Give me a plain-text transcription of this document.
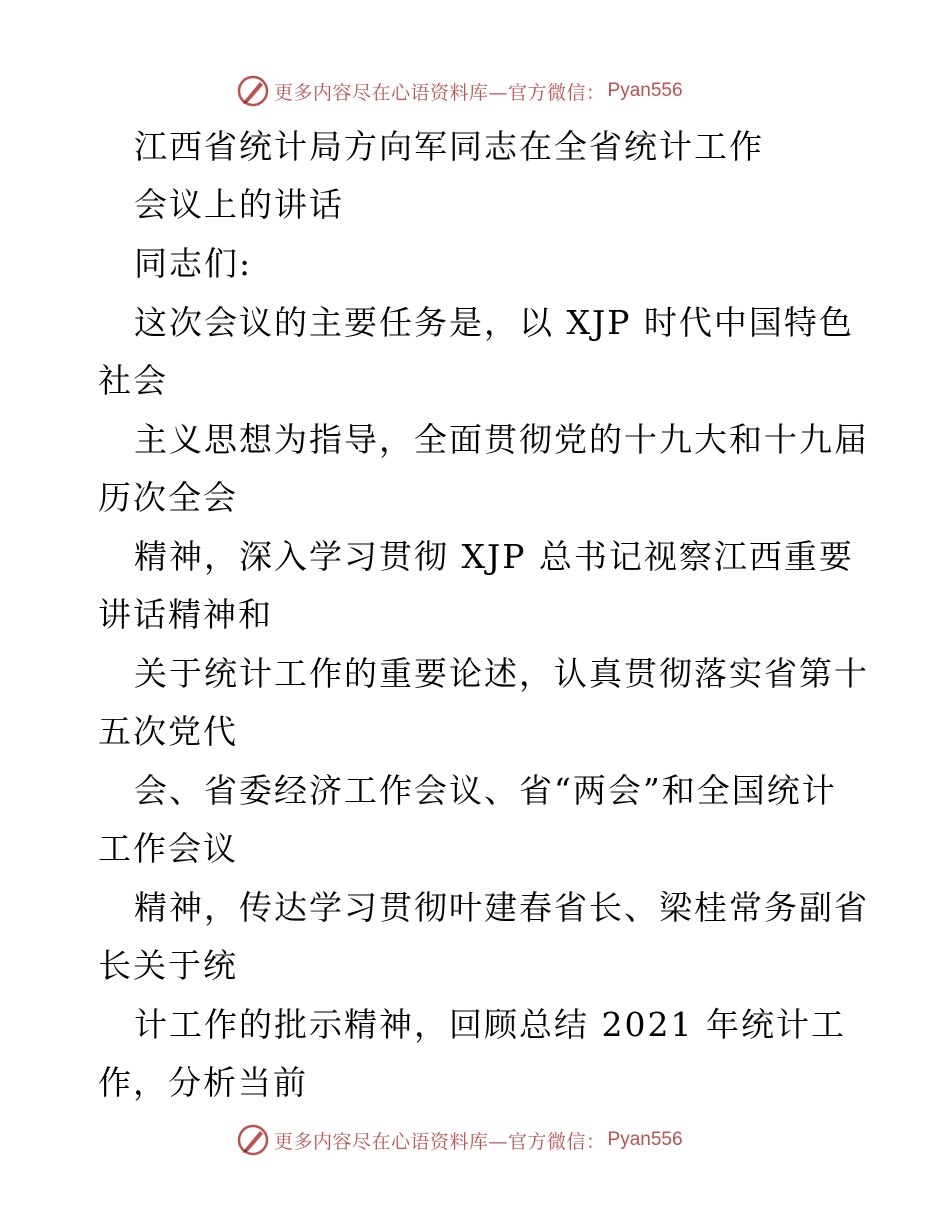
更多内容尽在心语资料库—官方微信： Pyan556
江西省统计局方向军同志在全省统计工作
会议上的讲话
同志们:
这次会议的主要任务是，以 XJP 时代中国特色
社会
主义思想为指导，全面贯彻党的十九大和十九届
历次全会
精神，深入学习贯彻 XJP 总书记视察江西重要
讲话精神和
关于统计工作的重要论述，认真贯彻落实省第十
五次党代
会、省委经济工作会议、省“两会”和全国统计
工作会议
精神，传达学习贯彻叶建春省长、梁桂常务副省
长关于统
计工作的批示精神，回顾总结 2021 年统计工
作，分析当前
更多内容尽在心语资料库—官方微信： Pyan556
